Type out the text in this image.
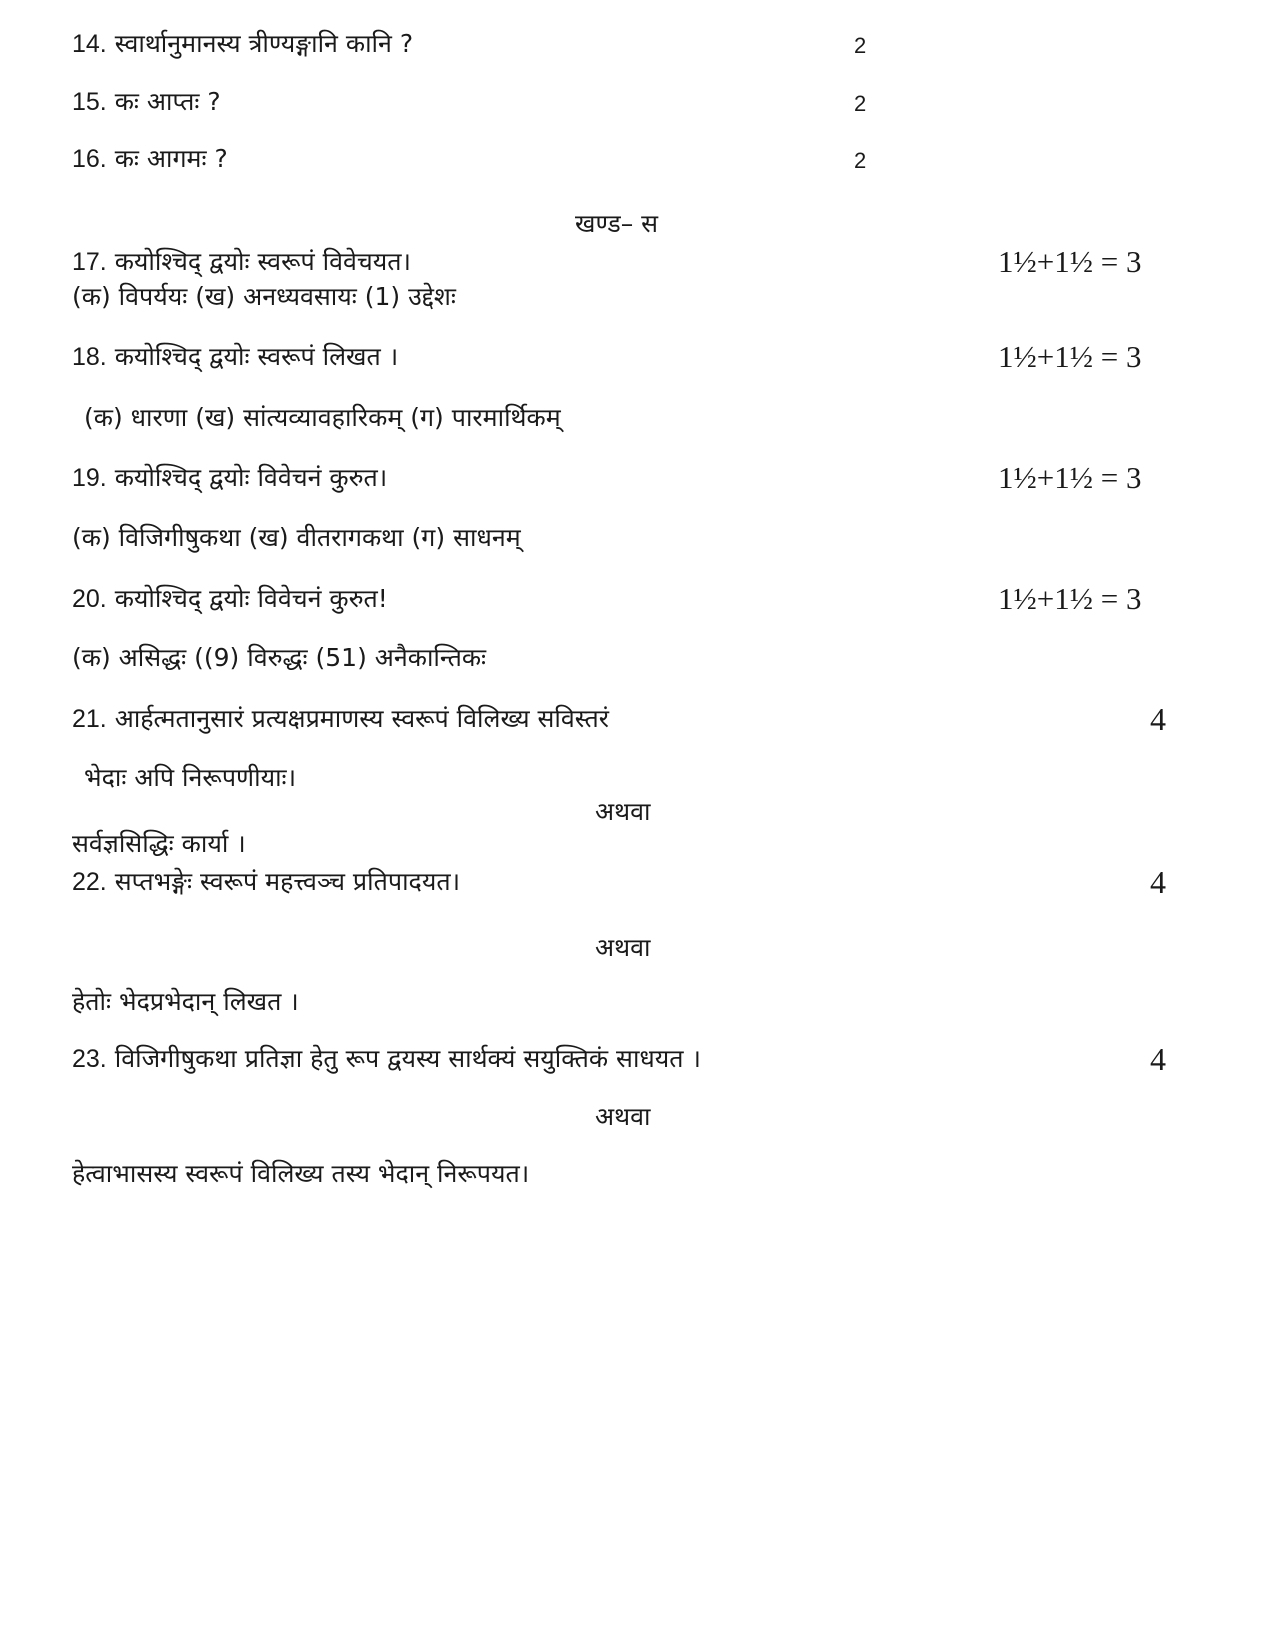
14. स्वार्थानुमानस्य त्रीण्यङ्गानि कानि ?	2
15. कः आप्तः ?	2
16. कः आगमः ?	2
खण्ड– स
17. कयोश्चिद् द्वयोः स्वरूपं विवेचयत।	1½+1½ = 3
(क) विपर्ययः (ख) अनध्यवसायः (1) उद्देशः
18. कयोश्चिद् द्वयोः स्वरूपं लिखत ।	1½+1½ = 3
(क) धारणा (ख) सांत्यव्यावहारिकम् (ग) पारमार्थिकम्
19. कयोश्चिद् द्वयोः विवेचनं कुरुत।	1½+1½ = 3
(क) विजिगीषुकथा (ख) वीतरागकथा (ग) साधनम्
20. कयोश्चिद् द्वयोः विवेचनं कुरुत!	1½+1½ = 3
(क) असिद्धः ((9) विरुद्धः (51) अनैकान्तिकः
21. आर्हत्मतानुसारं प्रत्यक्षप्रमाणस्य स्वरूपं विलिख्य सविस्तरं	4
भेदाः अपि निरूपणीयाः।
अथवा
सर्वज्ञसिद्धिः कार्या ।
22. सप्तभङ्गेः स्वरूपं महत्त्वञ्च प्रतिपादयत।	4
अथवा
हेतोः भेदप्रभेदान् लिखत ।
23. विजिगीषुकथा प्रतिज्ञा हेतु रूप द्वयस्य सार्थक्यं सयुक्तिकं साधयत ।	4
अथवा
हेत्वाभासस्य स्वरूपं विलिख्य तस्य भेदान् निरूपयत।
